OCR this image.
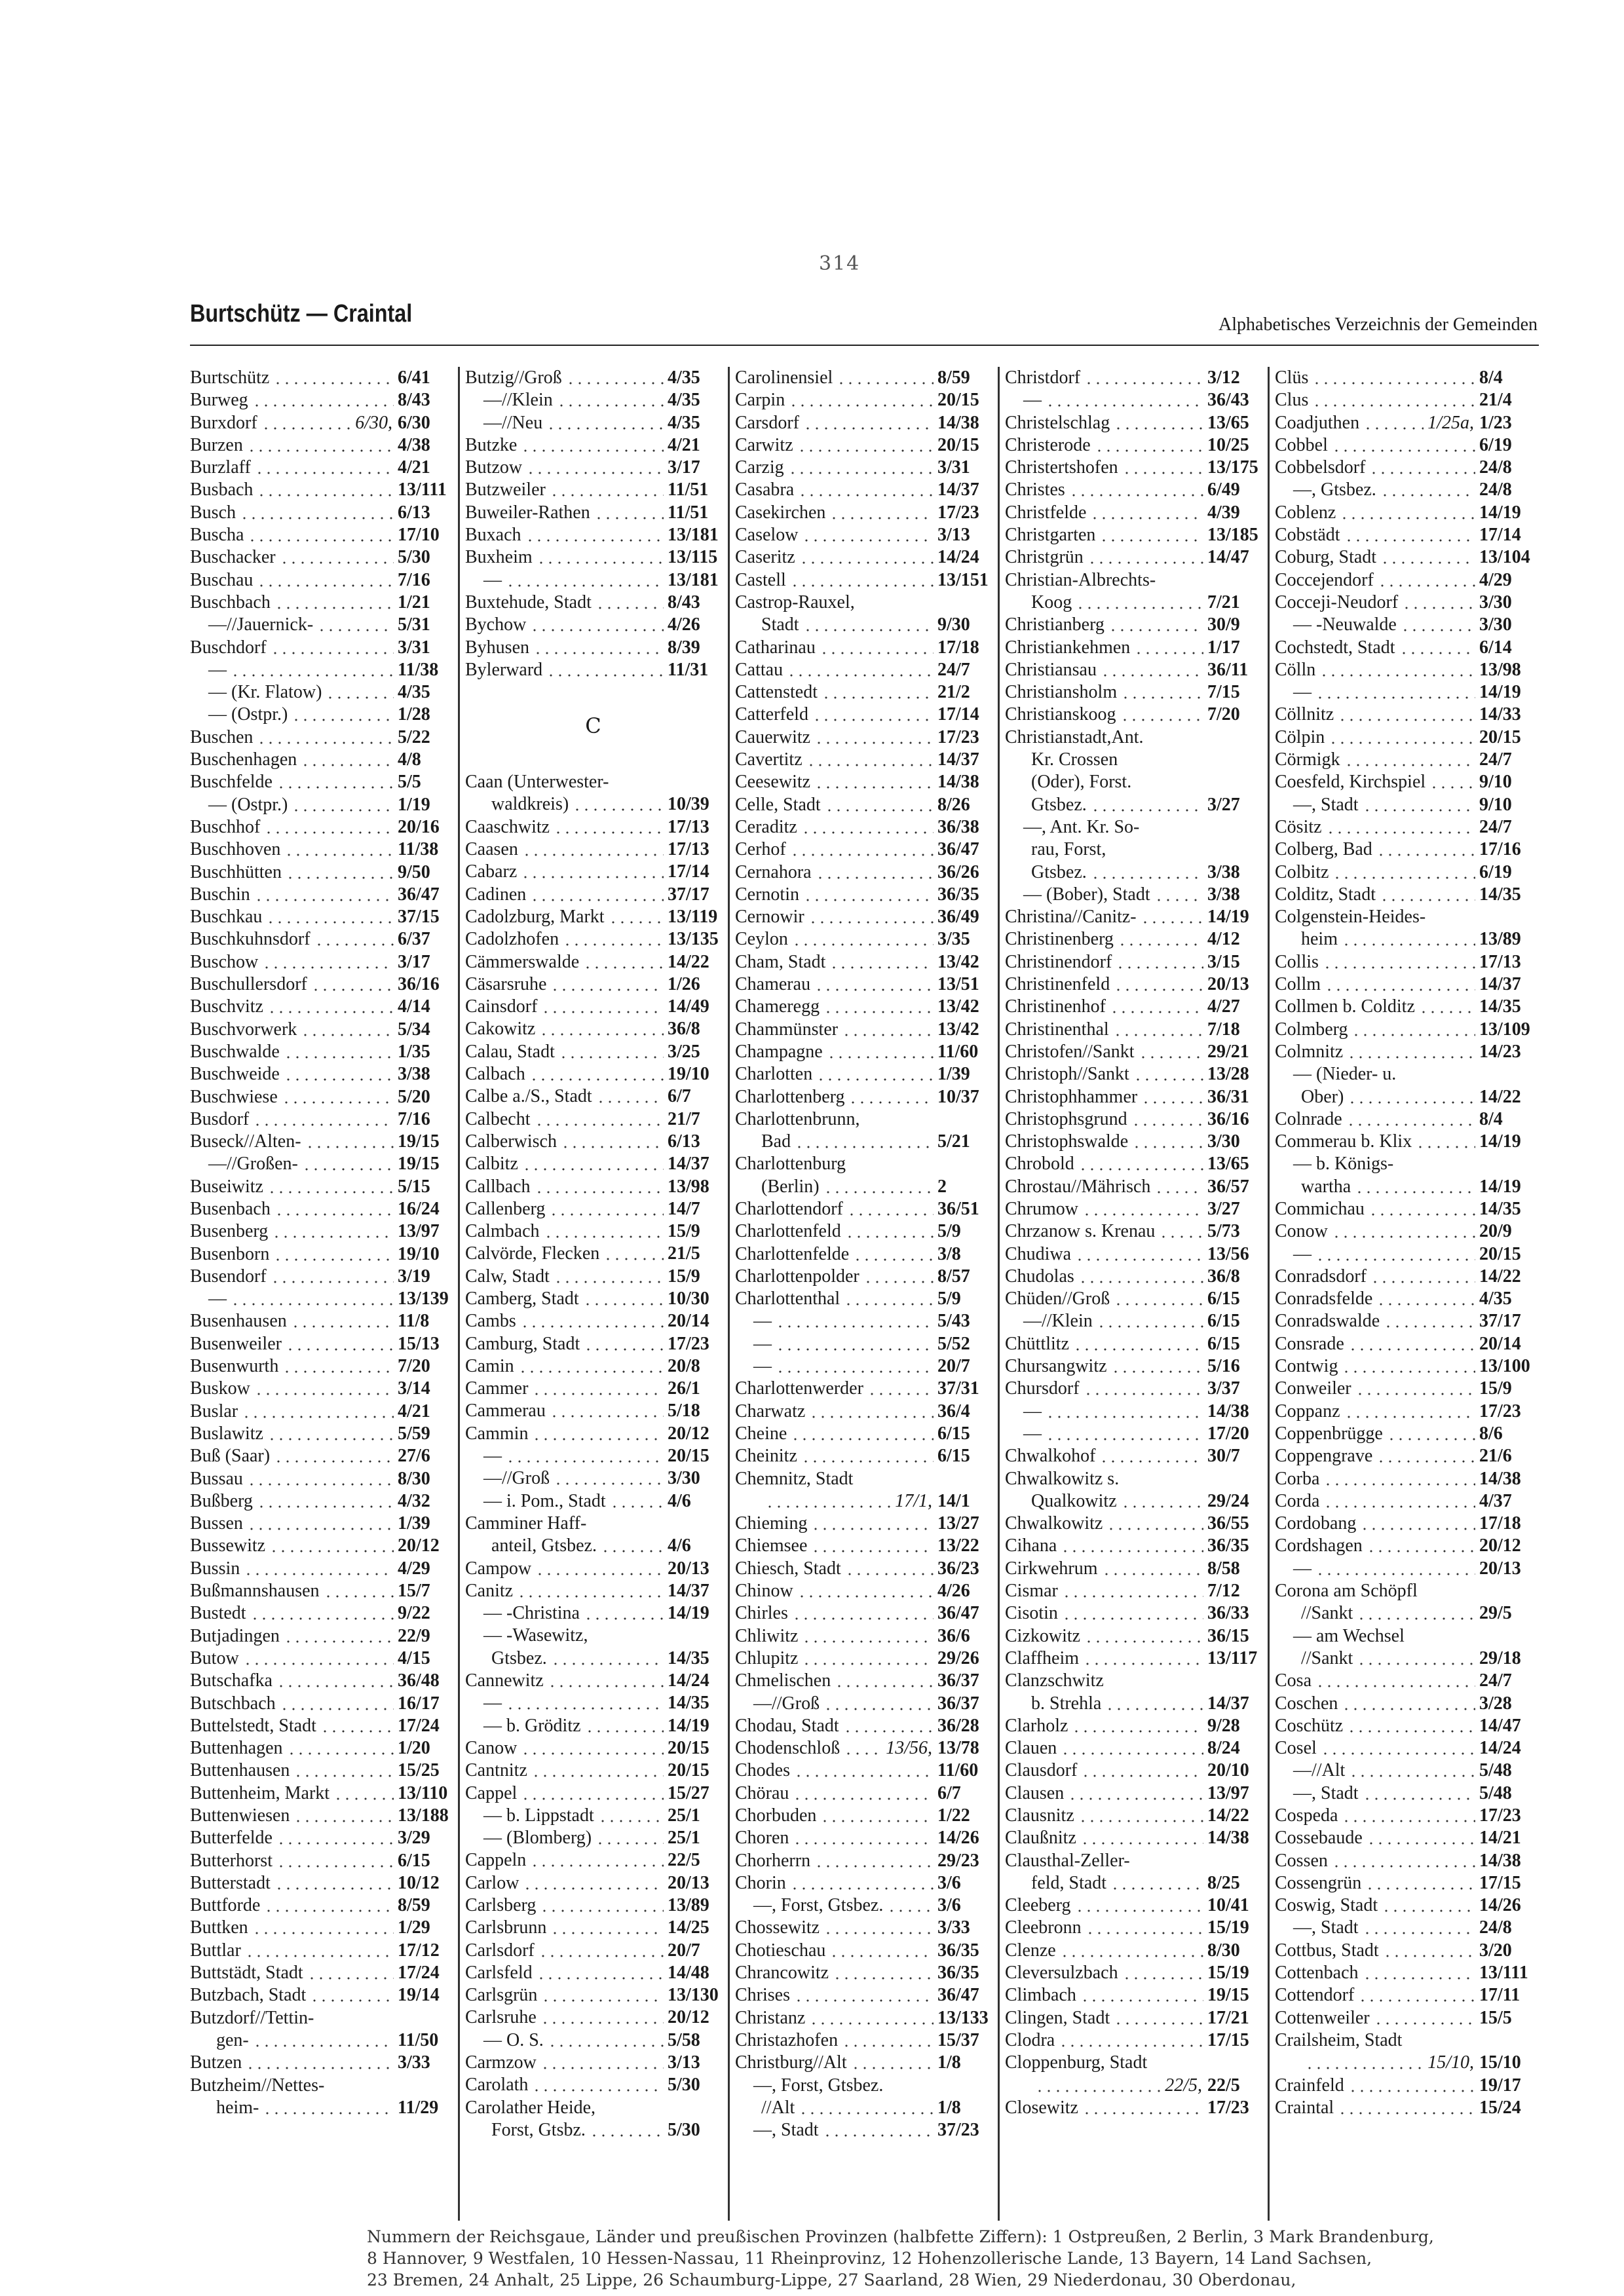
314
Burtschütz — Craintal	Alphabetisches Verzeichnis der Gemeinden
Burtschütz	6/41
Burweg	8/43
Burxdorf	6/30, 6/30
Burzen	4/38
Burzlaff	4/21
Busbach	13/111
Busch	6/13
Buscha	17/10
Buschacker	5/30
Buschau	7/16
Buschbach	1/21
—//Jauernick-	5/31
Buschdorf	3/31
—	11/38
— (Kr. Flatow)	4/35
— (Ostpr.)	1/28
Buschen	5/22
Buschenhagen	4/8
Buschfelde	5/5
— (Ostpr.)	1/19
Buschhof	20/16
Buschhoven	11/38
Buschhütten	9/50
Buschin	36/47
Buschkau	37/15
Buschkuhnsdorf	6/37
Buschow	3/17
Buschullersdorf	36/16
Buschvitz	4/14
Buschvorwerk	5/34
Buschwalde	1/35
Buschweide	3/38
Buschwiese	5/20
Busdorf	7/16
Buseck//Alten-	19/15
—//Großen-	19/15
Buseiwitz	5/15
Busenbach	16/24
Busenberg	13/97
Busenborn	19/10
Busendorf	3/19
—	13/139
Busenhausen	11/8
Busenweiler	15/13
Busenwurth	7/20
Buskow	3/14
Buslar	4/21
Buslawitz	5/59
Buß (Saar)	27/6
Bussau	8/30
Bußberg	4/32
Bussen	1/39
Bussewitz	20/12
Bussin	4/29
Bußmannshausen	15/7
Bustedt	9/22
Butjadingen	22/9
Butow	4/15
Butschafka	36/48
Butschbach	16/17
Buttelstedt, Stadt	17/24
Buttenhagen	1/20
Buttenhausen	15/25
Buttenheim, Markt	13/110
Buttenwiesen	13/188
Butterfelde	3/29
Butterhorst	6/15
Butterstadt	10/12
Buttforde	8/59
Buttken	1/29
Buttlar	17/12
Buttstädt, Stadt	17/24
Butzbach, Stadt	19/14
Butzdorf//Tettin-
gen-	11/50
Butzen	3/33
Butzheim//Nettes-
heim-	11/29
Butzig//Groß	4/35
—//Klein	4/35
—//Neu	4/35
Butzke	4/21
Butzow	3/17
Butzweiler	11/51
Buweiler-Rathen	11/51
Buxach	13/181
Buxheim	13/115
—	13/181
Buxtehude, Stadt	8/43
Bychow	4/26
Byhusen	8/39
Bylerward	11/31
C
Caan (Unterwester-
waldkreis)	10/39
Caaschwitz	17/13
Caasen	17/13
Cabarz	17/14
Cadinen	37/17
Cadolzburg, Markt	13/119
Cadolzhofen	13/135
Cämmerswalde	14/22
Cäsarsruhe	1/26
Cainsdorf	14/49
Cakowitz	36/8
Calau, Stadt	3/25
Calbach	19/10
Calbe a./S., Stadt	6/7
Calbecht	21/7
Calberwisch	6/13
Calbitz	14/37
Callbach	13/98
Callenberg	14/7
Calmbach	15/9
Calvörde, Flecken	21/5
Calw, Stadt	15/9
Camberg, Stadt	10/30
Cambs	20/14
Camburg, Stadt	17/23
Camin	20/8
Cammer	26/1
Cammerau	5/18
Cammin	20/12
—	20/15
—//Groß	3/30
— i. Pom., Stadt	4/6
Camminer Haff-
anteil, Gtsbez.	4/6
Campow	20/13
Canitz	14/37
— -Christina	14/19
— -Wasewitz,
Gtsbez.	14/35
Cannewitz	14/24
—	14/35
— b. Gröditz	14/19
Canow	20/15
Cantnitz	20/15
Cappel	15/27
— b. Lippstadt	25/1
— (Blomberg)	25/1
Cappeln	22/5
Carlow	20/13
Carlsberg	13/89
Carlsbrunn	14/25
Carlsdorf	20/7
Carlsfeld	14/48
Carlsgrün	13/130
Carlsruhe	20/12
— O. S.	5/58
Carmzow	3/13
Carolath	5/30
Carolather Heide,
Forst, Gtsbz.	5/30
Carolinensiel	8/59
Carpin	20/15
Carsdorf	14/38
Carwitz	20/15
Carzig	3/31
Casabra	14/37
Casekirchen	17/23
Caselow	3/13
Caseritz	14/24
Castell	13/151
Castrop-Rauxel,
Stadt	9/30
Catharinau	17/18
Cattau	24/7
Cattenstedt	21/2
Catterfeld	17/14
Cauerwitz	17/23
Cavertitz	14/37
Ceesewitz	14/38
Celle, Stadt	8/26
Ceraditz	36/38
Cerhof	36/47
Cernahora	36/26
Cernotin	36/35
Cernowir	36/49
Ceylon	3/35
Cham, Stadt	13/42
Chamerau	13/51
Chameregg	13/42
Chammünster	13/42
Champagne	11/60
Charlotten	1/39
Charlottenberg	10/37
Charlottenbrunn,
Bad	5/21
Charlottenburg
(Berlin)	2
Charlottendorf	36/51
Charlottenfeld	5/9
Charlottenfelde	3/8
Charlottenpolder	8/57
Charlottenthal	5/9
—	5/43
—	5/52
—	20/7
Charlottenwerder	37/31
Charwatz	36/4
Cheine	6/15
Cheinitz	6/15
Chemnitz, Stadt
17/1, 14/1
Chieming	13/27
Chiemsee	13/22
Chiesch, Stadt	36/23
Chinow	4/26
Chirles	36/47
Chliwitz	36/6
Chlupitz	29/26
Chmelischen	36/37
—//Groß	36/37
Chodau, Stadt	36/28
Chodenschloß	13/56, 13/78
Chodes	11/60
Chörau	6/7
Chorbuden	1/22
Choren	14/26
Chorherrn	29/23
Chorin	3/6
—, Forst, Gtsbez.	3/6
Chossewitz	3/33
Chotieschau	36/35
Chrancowitz	36/35
Chrises	36/47
Christanz	13/133
Christazhofen	15/37
Christburg//Alt	1/8
—, Forst, Gtsbez.
//Alt	1/8
—, Stadt	37/23
Christdorf	3/12
—	36/43
Christelschlag	13/65
Christerode	10/25
Christertshofen	13/175
Christes	6/49
Christfelde	4/39
Christgarten	13/185
Christgrün	14/47
Christian-Albrechts-
Koog	7/21
Christianberg	30/9
Christiankehmen	1/17
Christiansau	36/11
Christiansholm	7/15
Christianskoog	7/20
Christianstadt,Ant.
Kr. Crossen
(Oder), Forst.
Gtsbez.	3/27
—, Ant. Kr. So-
rau, Forst,
Gtsbez.	3/38
— (Bober), Stadt	3/38
Christina//Canitz-	14/19
Christinenberg	4/12
Christinendorf	3/15
Christinenfeld	20/13
Christinenhof	4/27
Christinenthal	7/18
Christofen//Sankt	29/21
Christoph//Sankt	13/28
Christophhammer	36/31
Christophsgrund	36/16
Christophswalde	3/30
Chrobold	13/65
Chrostau//Mährisch	36/57
Chrumow	3/27
Chrzanow s. Krenau	5/73
Chudiwa	13/56
Chudolas	36/8
Chüden//Groß	6/15
—//Klein	6/15
Chüttlitz	6/15
Chursangwitz	5/16
Chursdorf	3/37
—	14/38
—	17/20
Chwalkohof	30/7
Chwalkowitz s.
Qualkowitz	29/24
Chwalkowitz	36/55
Cihana	36/35
Cirkwehrum	8/58
Cismar	7/12
Cisotin	36/33
Cizkowitz	36/15
Claffheim	13/117
Clanzschwitz
b. Strehla	14/37
Clarholz	9/28
Clauen	8/24
Clausdorf	20/10
Clausen	13/97
Clausnitz	14/22
Claußnitz	14/38
Clausthal-Zeller-
feld, Stadt	8/25
Cleeberg	10/41
Cleebronn	15/19
Clenze	8/30
Cleversulzbach	15/19
Climbach	19/15
Clingen, Stadt	17/21
Clodra	17/15
Cloppenburg, Stadt
22/5, 22/5
Closewitz	17/23
Clüs	8/4
Clus	21/4
Coadjuthen	1/25a, 1/23
Cobbel	6/19
Cobbelsdorf	24/8
—, Gtsbez.	24/8
Coblenz	14/19
Cobstädt	17/14
Coburg, Stadt	13/104
Coccejendorf	4/29
Cocceji-Neudorf	3/30
— -Neuwalde	3/30
Cochstedt, Stadt	6/14
Cölln	13/98
—	14/19
Cöllnitz	14/33
Cölpin	20/15
Cörmigk	24/7
Coesfeld, Kirchspiel	9/10
—, Stadt	9/10
Cösitz	24/7
Colberg, Bad	17/16
Colbitz	6/19
Colditz, Stadt	14/35
Colgenstein-Heides-
heim	13/89
Collis	17/13
Collm	14/37
Collmen b. Colditz	14/35
Colmberg	13/109
Colmnitz	14/23
— (Nieder- u.
Ober)	14/22
Colnrade	8/4
Commerau b. Klix	14/19
— b. Königs-
wartha	14/19
Commichau	14/35
Conow	20/9
—	20/15
Conradsdorf	14/22
Conradsfelde	4/35
Conradswalde	37/17
Consrade	20/14
Contwig	13/100
Conweiler	15/9
Coppanz	17/23
Coppenbrügge	8/6
Coppengrave	21/6
Corba	14/38
Corda	4/37
Cordobang	17/18
Cordshagen	20/12
—	20/13
Corona am Schöpfl
//Sankt	29/5
— am Wechsel
//Sankt	29/18
Cosa	24/7
Coschen	3/28
Coschütz	14/47
Cosel	14/24
—//Alt	5/48
—, Stadt	5/48
Cospeda	17/23
Cossebaude	14/21
Cossen	14/38
Cossengrün	17/15
Coswig, Stadt	14/26
—, Stadt	24/8
Cottbus, Stadt	3/20
Cottenbach	13/111
Cottendorf	17/11
Cottenweiler	15/5
Crailsheim, Stadt
15/10, 15/10
Crainfeld	19/17
Craintal	15/24
Nummern der Reichsgaue, Länder und preußischen Provinzen (halbfette Ziffern): 1 Ostpreußen, 2 Berlin, 3 Mark Brandenburg,
8 Hannover, 9 Westfalen, 10 Hessen-Nassau, 11 Rheinprovinz, 12 Hohenzollerische Lande, 13 Bayern, 14 Land Sachsen,
23 Bremen, 24 Anhalt, 25 Lippe, 26 Schaumburg-Lippe, 27 Saarland, 28 Wien, 29 Niederdonau, 30 Oberdonau,
